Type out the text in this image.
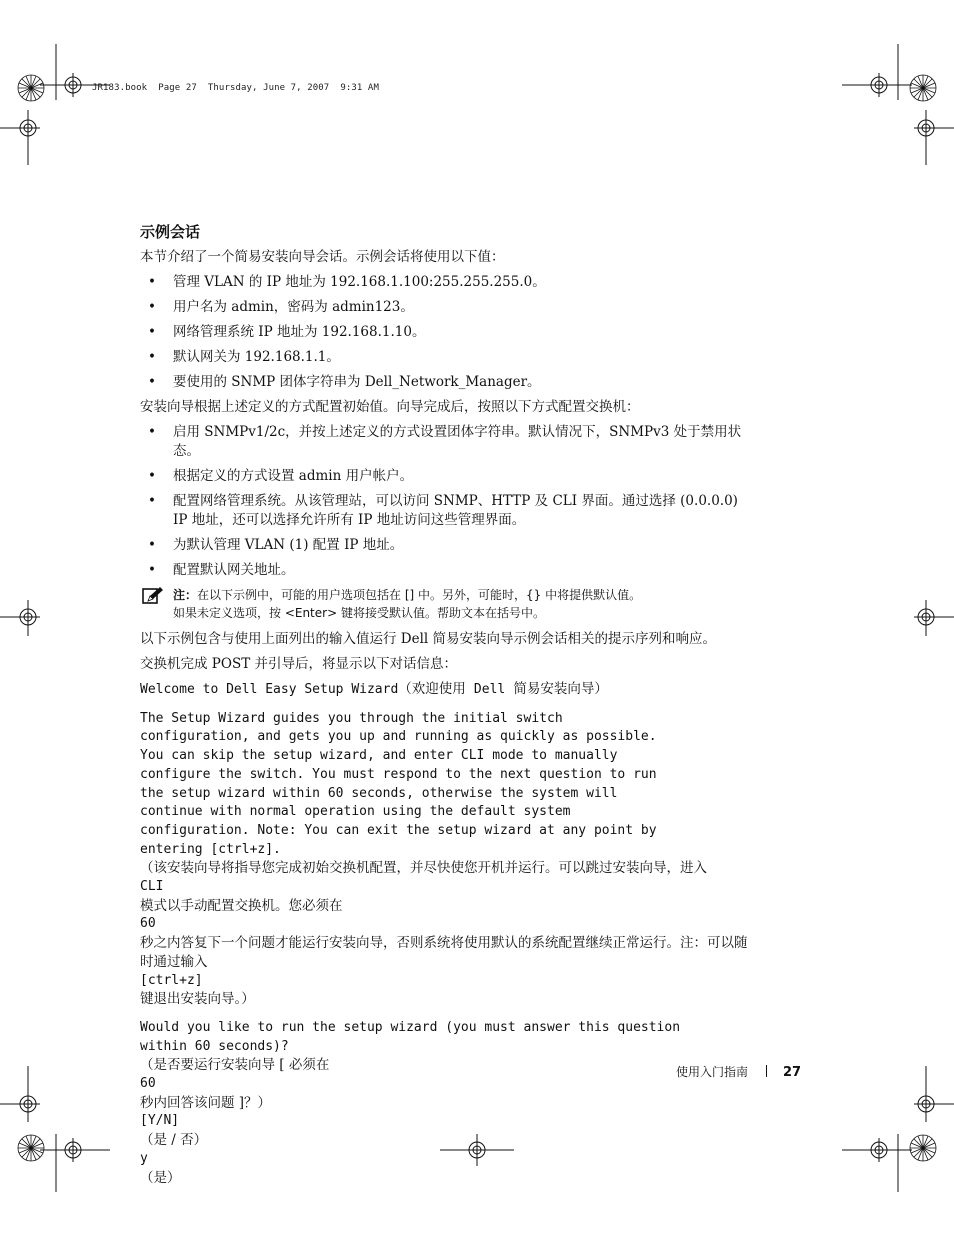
JR183.book  Page 27  Thursday, June 7, 2007  9:31 AM
示例会话

本节介绍了一个简易安装向导会话。示例会话将使用以下值：

• 管理 VLAN 的 IP 地址为 192.168.1.100:255.255.255.0。
• 用户名为 admin，密码为 admin123。
• 网络管理系统 IP 地址为 192.168.1.10。
• 默认网关为 192.168.1.1。
• 要使用的 SNMP 团体字符串为 Dell_Network_Manager。

安装向导根据上述定义的方式配置初始值。向导完成后，按照以下方式配置交换机：

• 启用 SNMPv1/2c，并按上述定义的方式设置团体字符串。默认情况下，SNMPv3 处于禁用状态。
• 根据定义的方式设置 admin 用户帐户。
• 配置网络管理系统。从该管理站，可以访问 SNMP、HTTP 及 CLI 界面。通过选择 (0.0.0.0) IP 地址，还可以选择允许所有 IP 地址访问这些管理界面。
• 为默认管理 VLAN (1) 配置 IP 地址。
• 配置默认网关地址。

注：在以下示例中，可能的用户选项包括在 [] 中。另外，可能时，{} 中将提供默认值。

如果未定义选项，按 <Enter> 键将接受默认值。帮助文本在括号中。

以下示例包含与使用上面列出的输入值运行 Dell 简易安装向导示例会话相关的提示序列和响应。

交换机完成 POST 并引导后，将显示以下对话信息：

Welcome to Dell Easy Setup Wizard（欢迎使用 Dell 简易安装向导）

The Setup Wizard guides you through the initial switch
configuration, and gets you up and running as quickly as possible.
You can skip the setup wizard, and enter CLI mode to manually
configure the switch. You must respond to the next question to run
the setup wizard within 60 seconds, otherwise the system will
continue with normal operation using the default system
configuration. Note: You can exit the setup wizard at any point by
entering [ctrl+z].
（该安装向导将指导您完成初始交换机配置，并尽快使您开机并运行。可以跳过安装向导，进入
CLI
模式以手动配置交换机。您必须在
60
秒之内答复下一个问题才能运行安装向导，否则系统将使用默认的系统配置继续正常运行。注：可以随时通过输入
[ctrl+z]
键退出安装向导。）
Would you like to run the setup wizard (you must answer this question
within 60 seconds)?
（是否要运行安装向导 [ 必须在
60
秒内回答该问题 ]？）
[Y/N]
（是 / 否）
y
（是）
使用入门指南	27
